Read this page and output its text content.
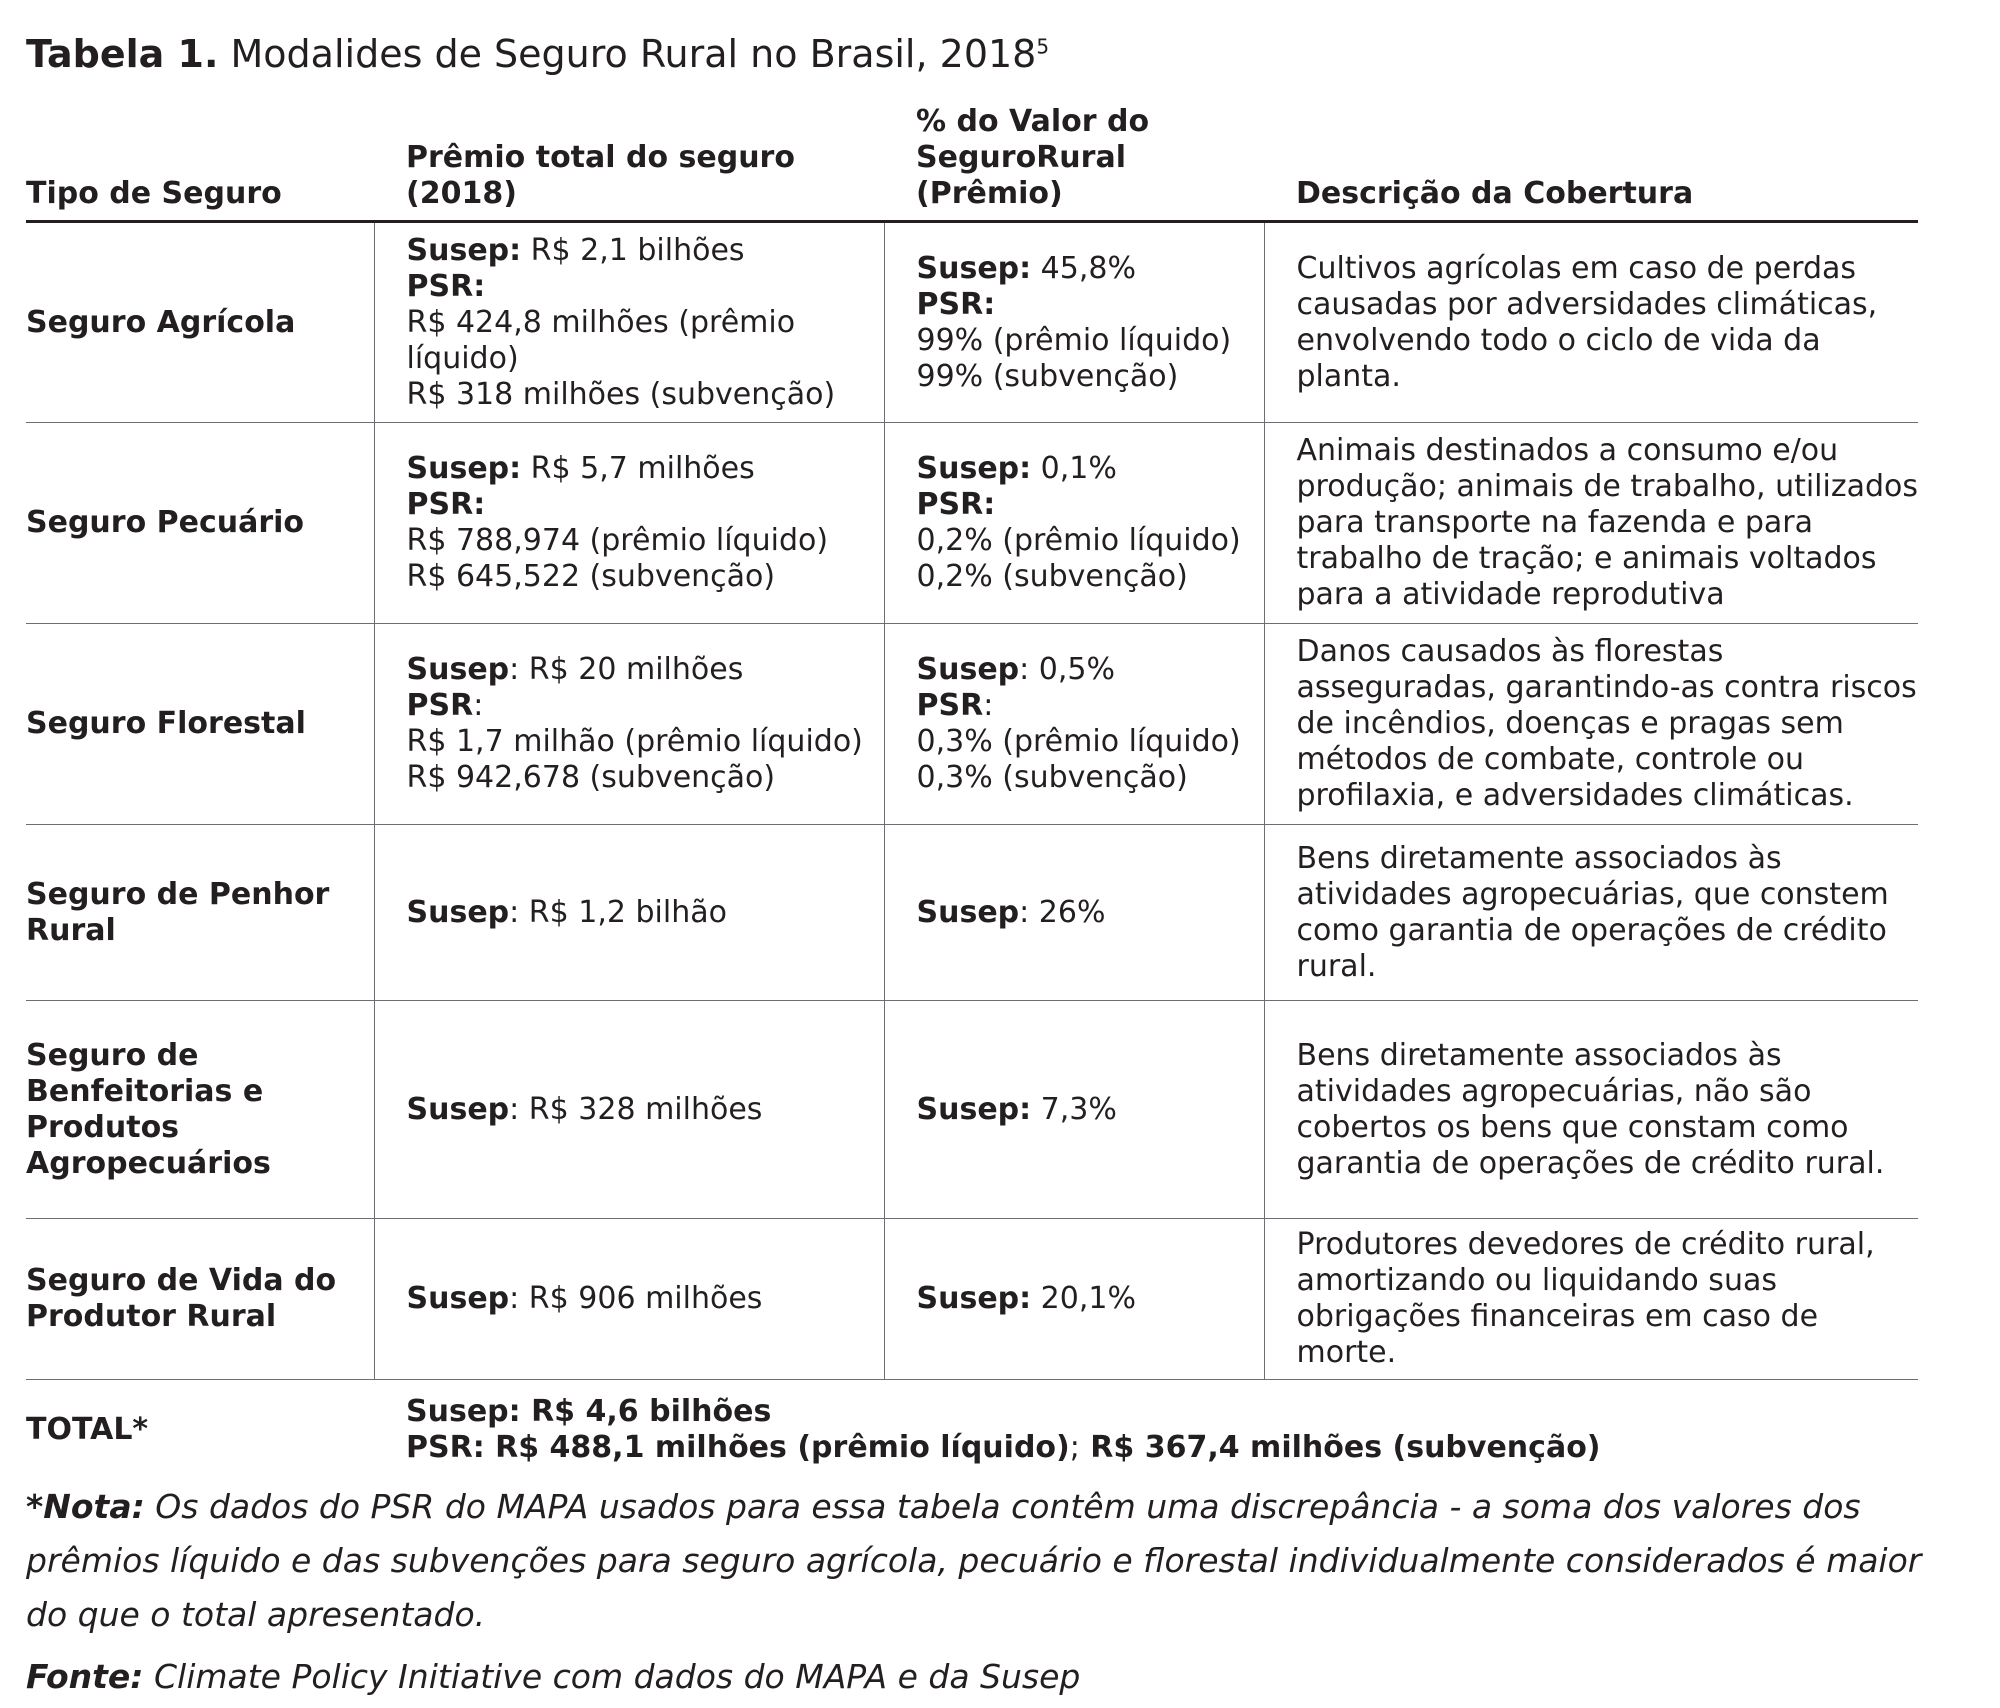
Tabela 1. Modalides de Seguro Rural no Brasil, 2018$^5$
Tipo de Seguro	Prêmio total do seguro (2018)	% do Valor do SeguroRural (Prêmio)	Descrição da Cobertura
Seguro Agrícola	Susep: R$ 2,1 bilhões
PSR:
R$ 424,8 milhões (prêmio líquido)
R$ 318 milhões (subvenção)	Susep: 45,8%
PSR:
99% (prêmio líquido)
99% (subvenção)	Cultivos agrícolas em caso de perdas causadas por adversidades climáticas, envolvendo todo o ciclo de vida da planta.
Seguro Pecuário	Susep: R$ 5,7 milhões
PSR:
R$ 788,974 (prêmio líquido)
R$ 645,522 (subvenção)	Susep: 0,1%
PSR:
0,2% (prêmio líquido)
0,2% (subvenção)	Animais destinados a consumo e/ou produção; animais de trabalho, utilizados para transporte na fazenda e para trabalho de tração; e animais voltados para a atividade reprodutiva
Seguro Florestal	Susep: R$ 20 milhões
PSR:
R$ 1,7 milhão (prêmio líquido)
R$ 942,678 (subvenção)	Susep: 0,5%
PSR:
0,3% (prêmio líquido)
0,3% (subvenção)	Danos causados às florestas asseguradas, garantindo-as contra riscos de incêndios, doenças e pragas sem métodos de combate, controle ou profilaxia, e adversidades climáticas.
Seguro de Penhor Rural	Susep: R$ 1,2 bilhão	Susep: 26%	Bens diretamente associados às atividades agropecuárias, que constem como garantia de operações de crédito rural.
Seguro de Benfeitorias e Produtos Agropecuários	Susep: R$ 328 milhões	Susep: 7,3%	Bens diretamente associados às atividades agropecuárias, não são cobertos os bens que constam como garantia de operações de crédito rural.
Seguro de Vida do Produtor Rural	Susep: R$ 906 milhões	Susep: 20,1%	Produtores devedores de crédito rural, amortizando ou liquidando suas obrigações financeiras em caso de morte.
TOTAL*	Susep: R$ 4,6 bilhões
PSR: R$ 488,1 milhões (prêmio líquido); R$ 367,4 milhões (subvenção)		
*Nota: Os dados do PSR do MAPA usados para essa tabela contêm uma discrepância - a soma dos valores dos prêmios líquido e das subvenções para seguro agrícola, pecuário e florestal individualmente considerados é maior do que o total apresentado.
Fonte: Climate Policy Initiative com dados do MAPA e da Susep
